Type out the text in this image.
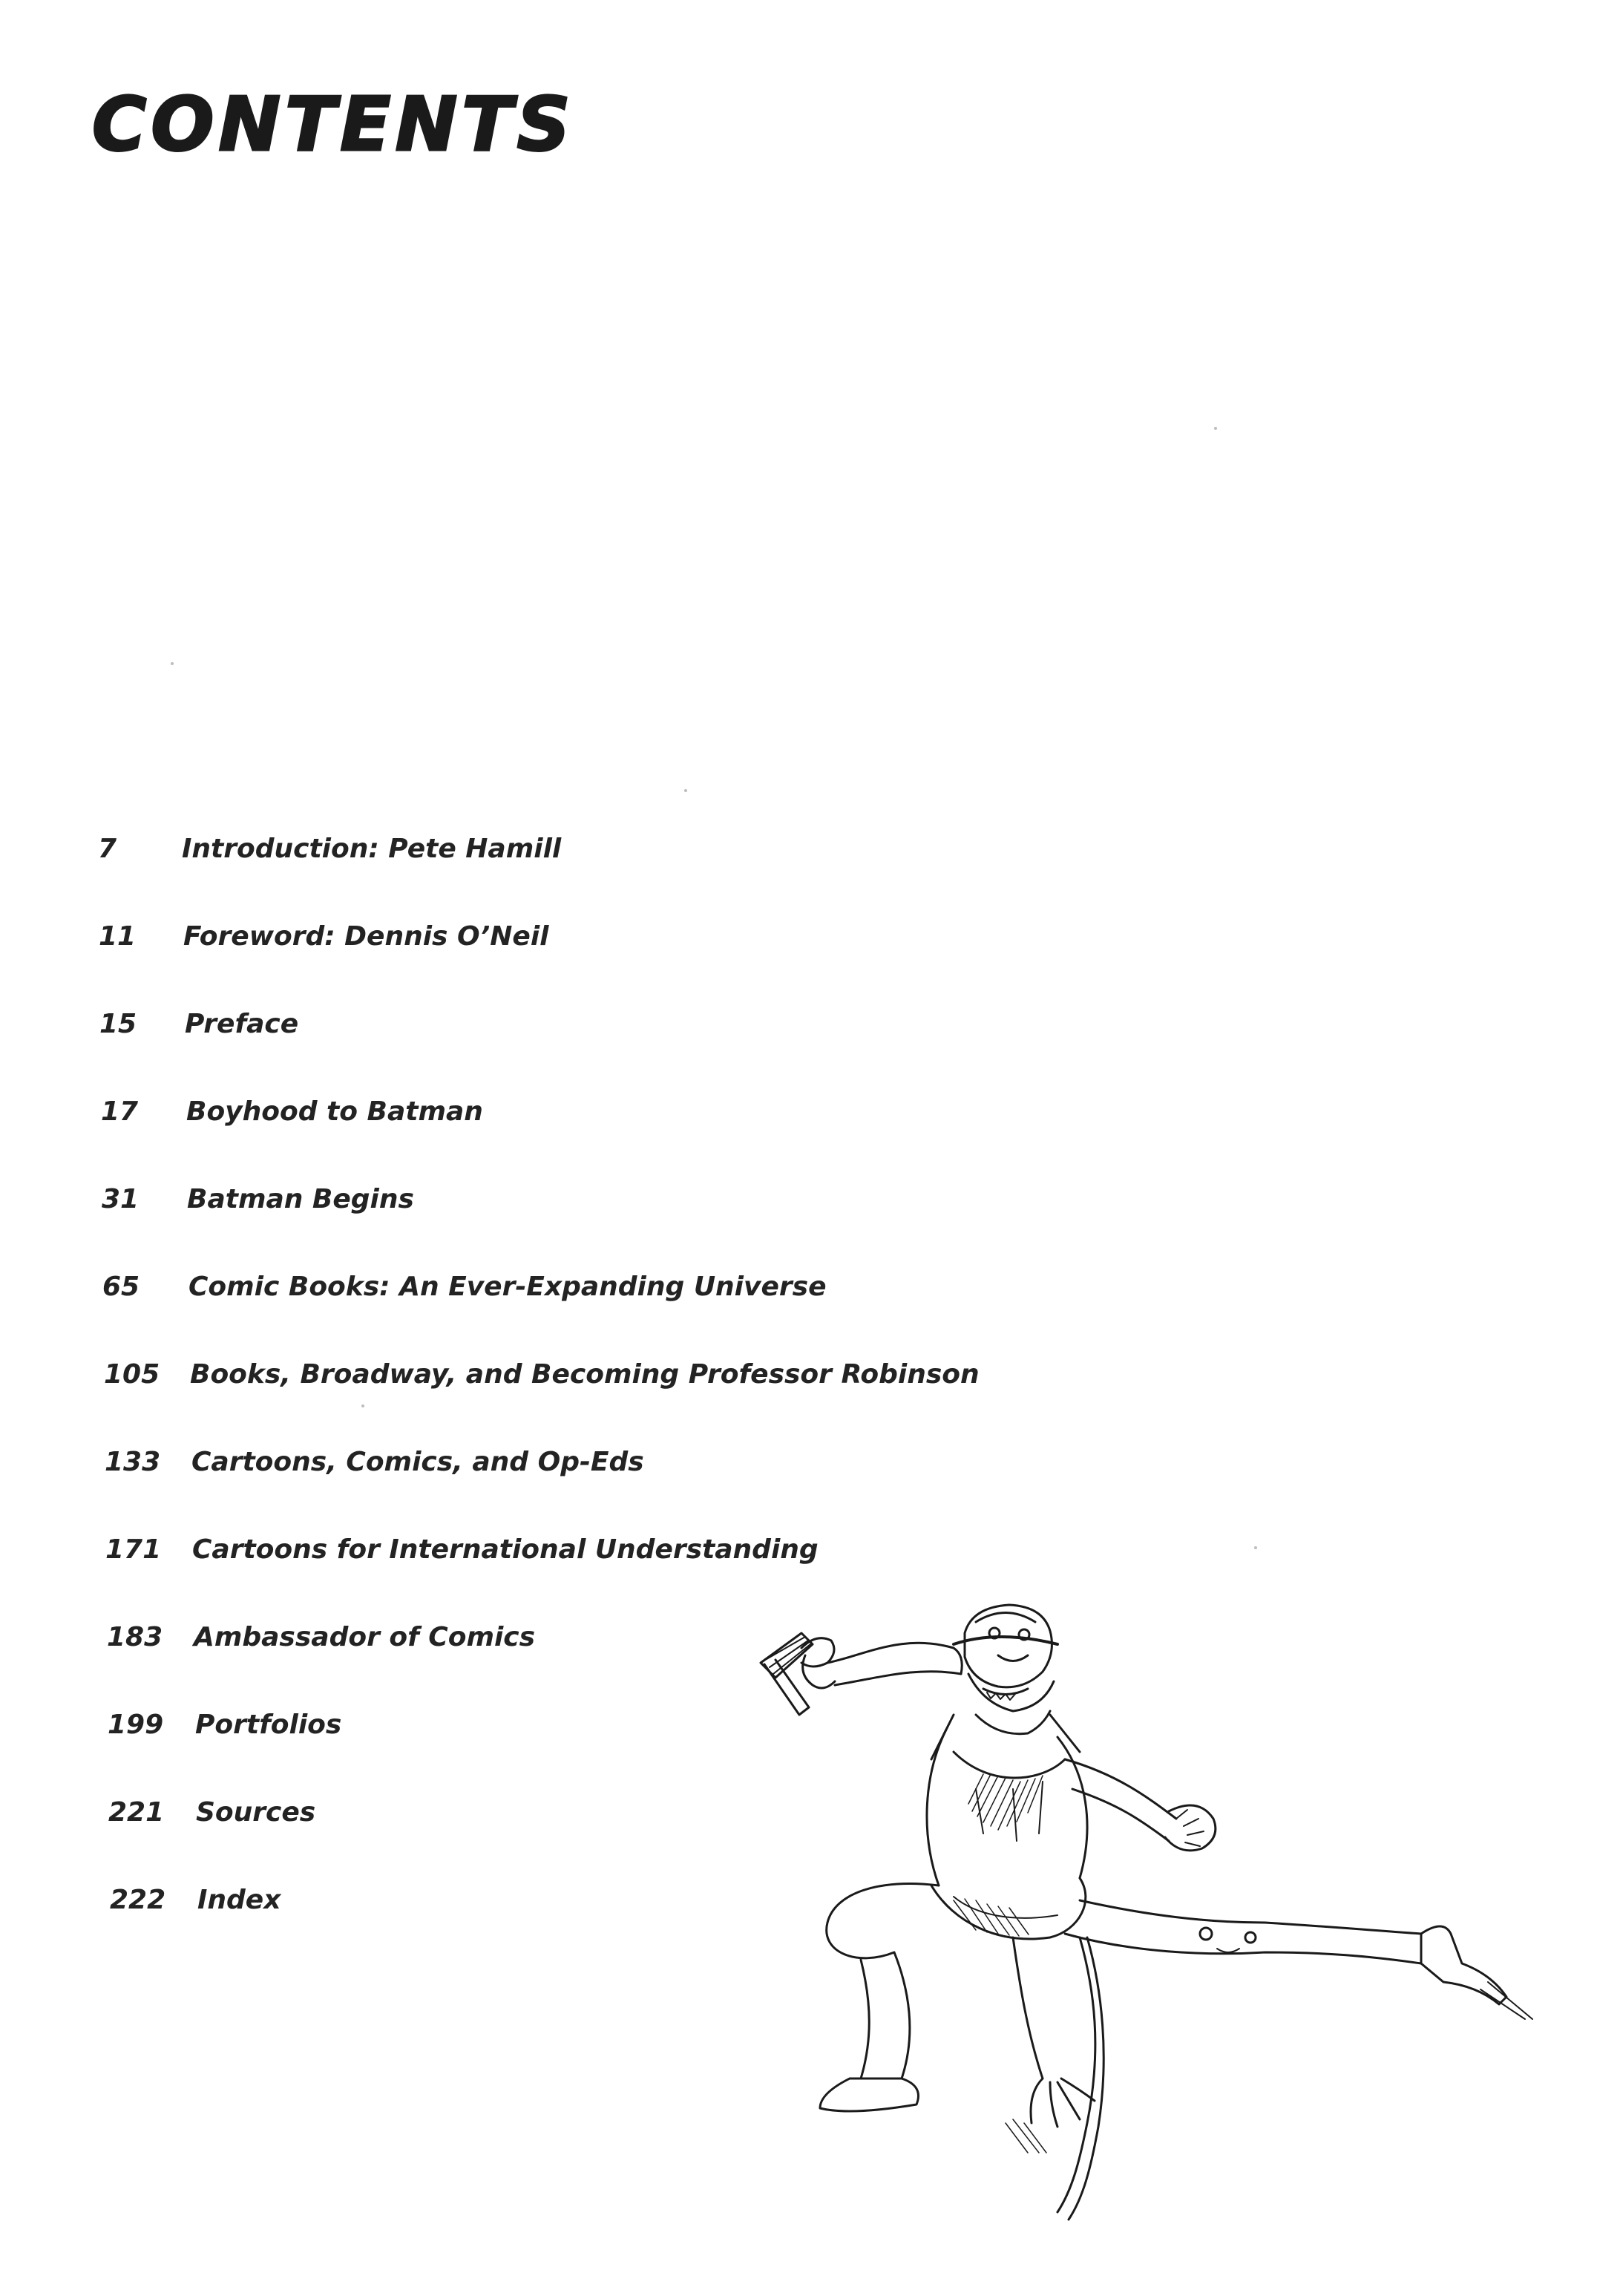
CONTENTS
7 Introduction: Pete Hamill
11 Foreword: Dennis O’Neil
15 Preface
17 Boyhood to Batman
31 Batman Begins
65 Comic Books: An Ever-Expanding Universe
105 Books, Broadway, and Becoming Professor Robinson
133 Cartoons, Comics, and Op-Eds
171 Cartoons for International Understanding
183 Ambassador of Comics
199 Portfolios
221 Sources
222 Index
